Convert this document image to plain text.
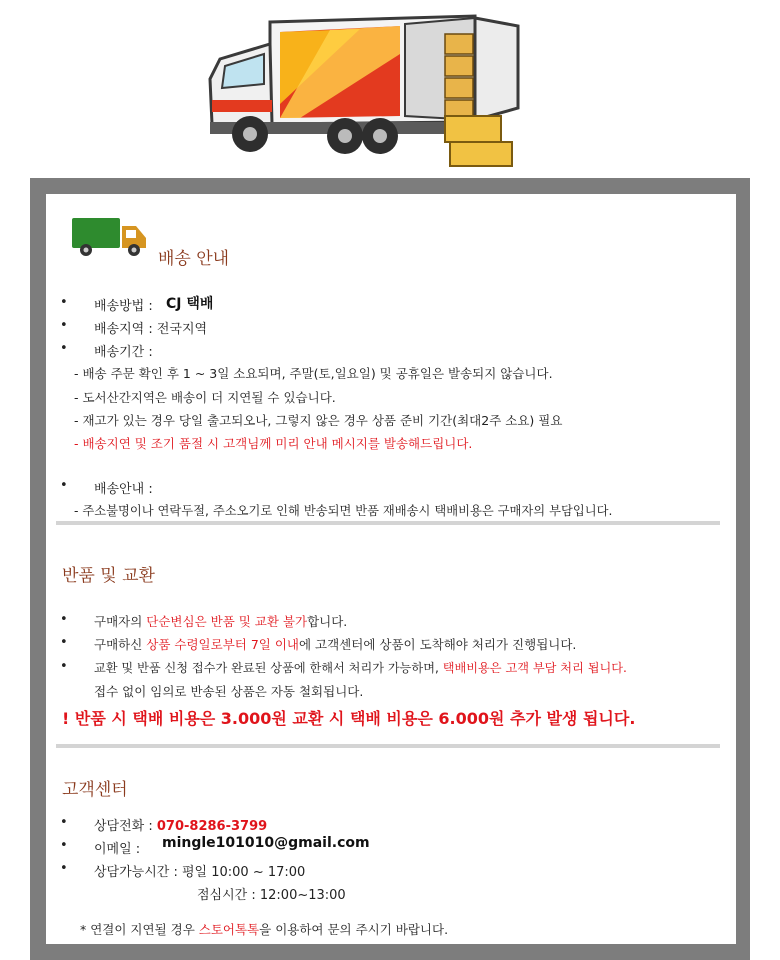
배송 안내
• 배송방법 : CJ 택배
• 배송지역 : 전국지역
• 배송기간 :
- 배송 주문 확인 후 1 ~ 3일 소요되며, 주말(토,일요일) 및 공휴일은 발송되지 않습니다.
- 도서산간지역은 배송이 더 지연될 수 있습니다.
- 재고가 있는 경우 당일 출고되오나, 그렇지 않은 경우 상품 준비 기간(최대2주 소요) 필요
- 배송지연 및 조기 품절 시 고객님께 미리 안내 메시지를 발송해드립니다.
• 배송안내 :
- 주소불명이나 연락두절, 주소오기로 인해 반송되면 반품 재배송시 택배비용은 구매자의 부담입니다.
반품 및 교환
• 구매자의 단순변심은 반품 및 교환 불가합니다.
• 구매하신 상품 수령일로부터 7일 이내에 고객센터에 상품이 도착해야 처리가 진행됩니다.
• 교환 및 반품 신청 접수가 완료된 상품에 한해서 처리가 가능하며, 택배비용은 고객 부담 처리 됩니다.
접수 없이 임의로 반송된 상품은 자동 철회됩니다.
! 반품 시 택배 비용은 3.000원 교환 시 택배 비용은 6.000원 추가 발생 됩니다.
고객센터
• 상담전화 : 070-8286-3799
• 이메일 : mingle101010@gmail.com
• 상담가능시간 : 평일 10:00 ~ 17:00
점심시간 : 12:00~13:00
* 연결이 지연될 경우 스토어톡톡을 이용하여 문의 주시기 바랍니다.
